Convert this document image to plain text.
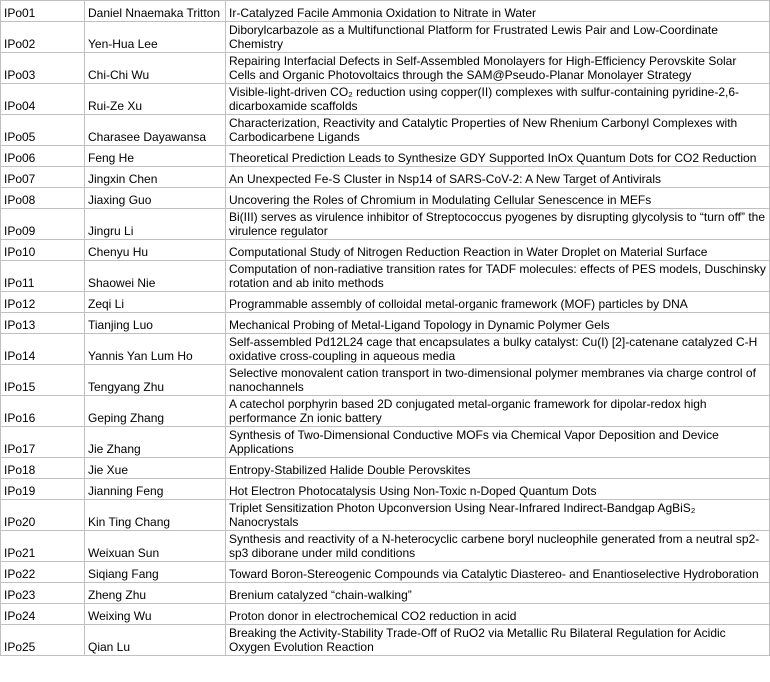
IPo01	Daniel Nnaemaka Tritton	Ir-Catalyzed Facile Ammonia Oxidation to Nitrate in Water
IPo02	Yen-Hua Lee	Diborylcarbazole as a Multifunctional Platform for Frustrated Lewis Pair and Low-Coordinate Chemistry
IPo03	Chi-Chi Wu	Repairing Interfacial Defects in Self-Assembled Monolayers for High-Efficiency Perovskite Solar Cells and Organic Photovoltaics through the SAM@Pseudo-Planar Monolayer Strategy
IPo04	Rui-Ze Xu	Visible-light-driven CO₂ reduction using copper(II) complexes with sulfur-containing pyridine-2,6-dicarboxamide scaffolds
IPo05	Charasee Dayawansa	Characterization, Reactivity and Catalytic Properties of New Rhenium Carbonyl Complexes with Carbodicarbene Ligands
IPo06	Feng He	Theoretical Prediction Leads to Synthesize GDY Supported InOx Quantum Dots for CO2 Reduction
IPo07	Jingxin Chen	An Unexpected Fe-S Cluster in Nsp14 of SARS-CoV-2: A New Target of Antivirals
IPo08	Jiaxing Guo	Uncovering the Roles of Chromium in Modulating Cellular Senescence in MEFs
IPo09	Jingru Li	Bi(III) serves as virulence inhibitor of Streptococcus pyogenes by disrupting glycolysis to “turn off” the virulence regulator
IPo10	Chenyu Hu	Computational Study of Nitrogen Reduction Reaction in Water Droplet on Material Surface
IPo11	Shaowei Nie	Computation of non-radiative transition rates for TADF molecules: effects of PES models, Duschinsky rotation and ab inito methods
IPo12	Zeqi Li	Programmable assembly of colloidal metal-organic framework (MOF) particles by DNA
IPo13	Tianjing Luo	Mechanical Probing of Metal-Ligand Topology in Dynamic Polymer Gels
IPo14	Yannis Yan Lum Ho	Self-assembled Pd12L24 cage that encapsulates a bulky catalyst: Cu(I) [2]-catenane catalyzed C-H oxidative cross-coupling in aqueous media
IPo15	Tengyang Zhu	Selective monovalent cation transport in two-dimensional polymer membranes via charge control of nanochannels
IPo16	Geping Zhang	A catechol porphyrin based 2D conjugated metal-organic framework for dipolar-redox high performance Zn ionic battery
IPo17	Jie Zhang	Synthesis of Two-Dimensional Conductive MOFs via Chemical Vapor Deposition and Device Applications
IPo18	Jie Xue	Entropy-Stabilized Halide Double Perovskites
IPo19	Jianning Feng	Hot Electron Photocatalysis Using Non-Toxic n-Doped Quantum Dots
IPo20	Kin Ting Chang	Triplet Sensitization Photon Upconversion Using Near-Infrared Indirect-Bandgap AgBiS₂ Nanocrystals
IPo21	Weixuan Sun	Synthesis and reactivity of a N-heterocyclic carbene boryl nucleophile generated from a neutral sp2-sp3 diborane under mild conditions
IPo22	Siqiang Fang	Toward Boron-Stereogenic Compounds via Catalytic Diastereo- and Enantioselective Hydroboration
IPo23	Zheng Zhu	Brenium catalyzed “chain-walking”
IPo24	Weixing Wu	Proton donor in electrochemical CO2 reduction in acid
IPo25	Qian Lu	Breaking the Activity-Stability Trade-Off of RuO2 via Metallic Ru Bilateral Regulation for Acidic Oxygen Evolution Reaction
